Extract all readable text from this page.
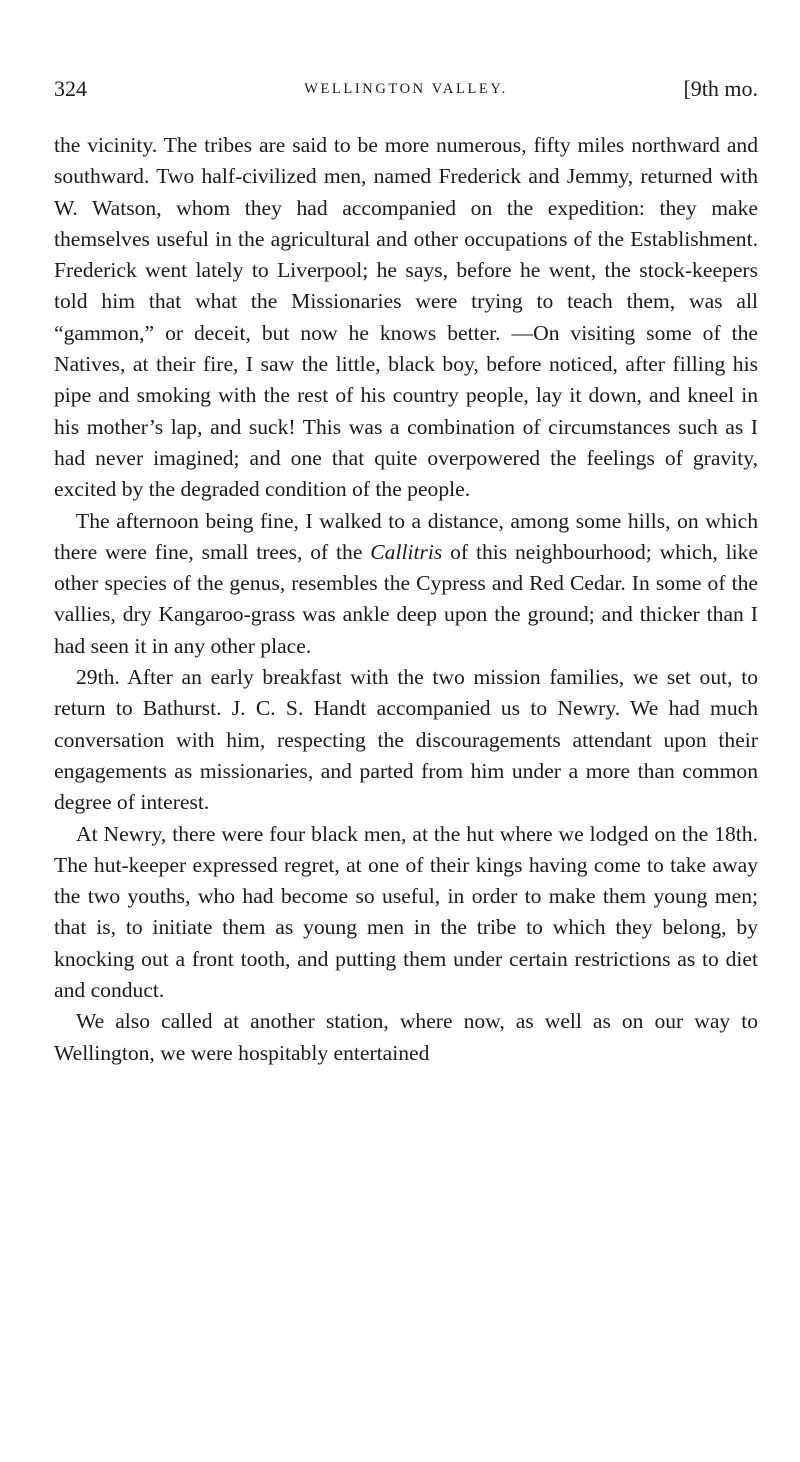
324	WELLINGTON VALLEY.	[9th mo.

the vicinity. The tribes are said to be more numerous, fifty miles northward and southward. Two half-civilized men, named Frederick and Jemmy, returned with W. Watson, whom they had accompanied on the expedition: they make themselves useful in the agricultural and other occupations of the Establishment. Frederick went lately to Liverpool; he says, before he went, the stock-keepers told him that what the Missionaries were trying to teach them, was all “gammon,” or deceit, but now he knows better. —On visiting some of the Natives, at their fire, I saw the little, black boy, before noticed, after filling his pipe and smoking with the rest of his country people, lay it down, and kneel in his mother’s lap, and suck! This was a combination of circumstances such as I had never imagined; and one that quite overpowered the feelings of gravity, excited by the degraded condition of the people.

The afternoon being fine, I walked to a distance, among some hills, on which there were fine, small trees, of the Callitris of this neighbourhood; which, like other species of the genus, resembles the Cypress and Red Cedar. In some of the vallies, dry Kangaroo-grass was ankle deep upon the ground; and thicker than I had seen it in any other place.

29th. After an early breakfast with the two mission families, we set out, to return to Bathurst. J. C. S. Handt accompanied us to Newry. We had much conversation with him, respecting the discouragements attendant upon their engagements as missionaries, and parted from him under a more than common degree of interest.

At Newry, there were four black men, at the hut where we lodged on the 18th. The hut-keeper expressed regret, at one of their kings having come to take away the two youths, who had become so useful, in order to make them young men; that is, to initiate them as young men in the tribe to which they belong, by knocking out a front tooth, and putting them under certain restrictions as to diet and conduct.

We also called at another station, where now, as well as on our way to Wellington, we were hospitably entertained
